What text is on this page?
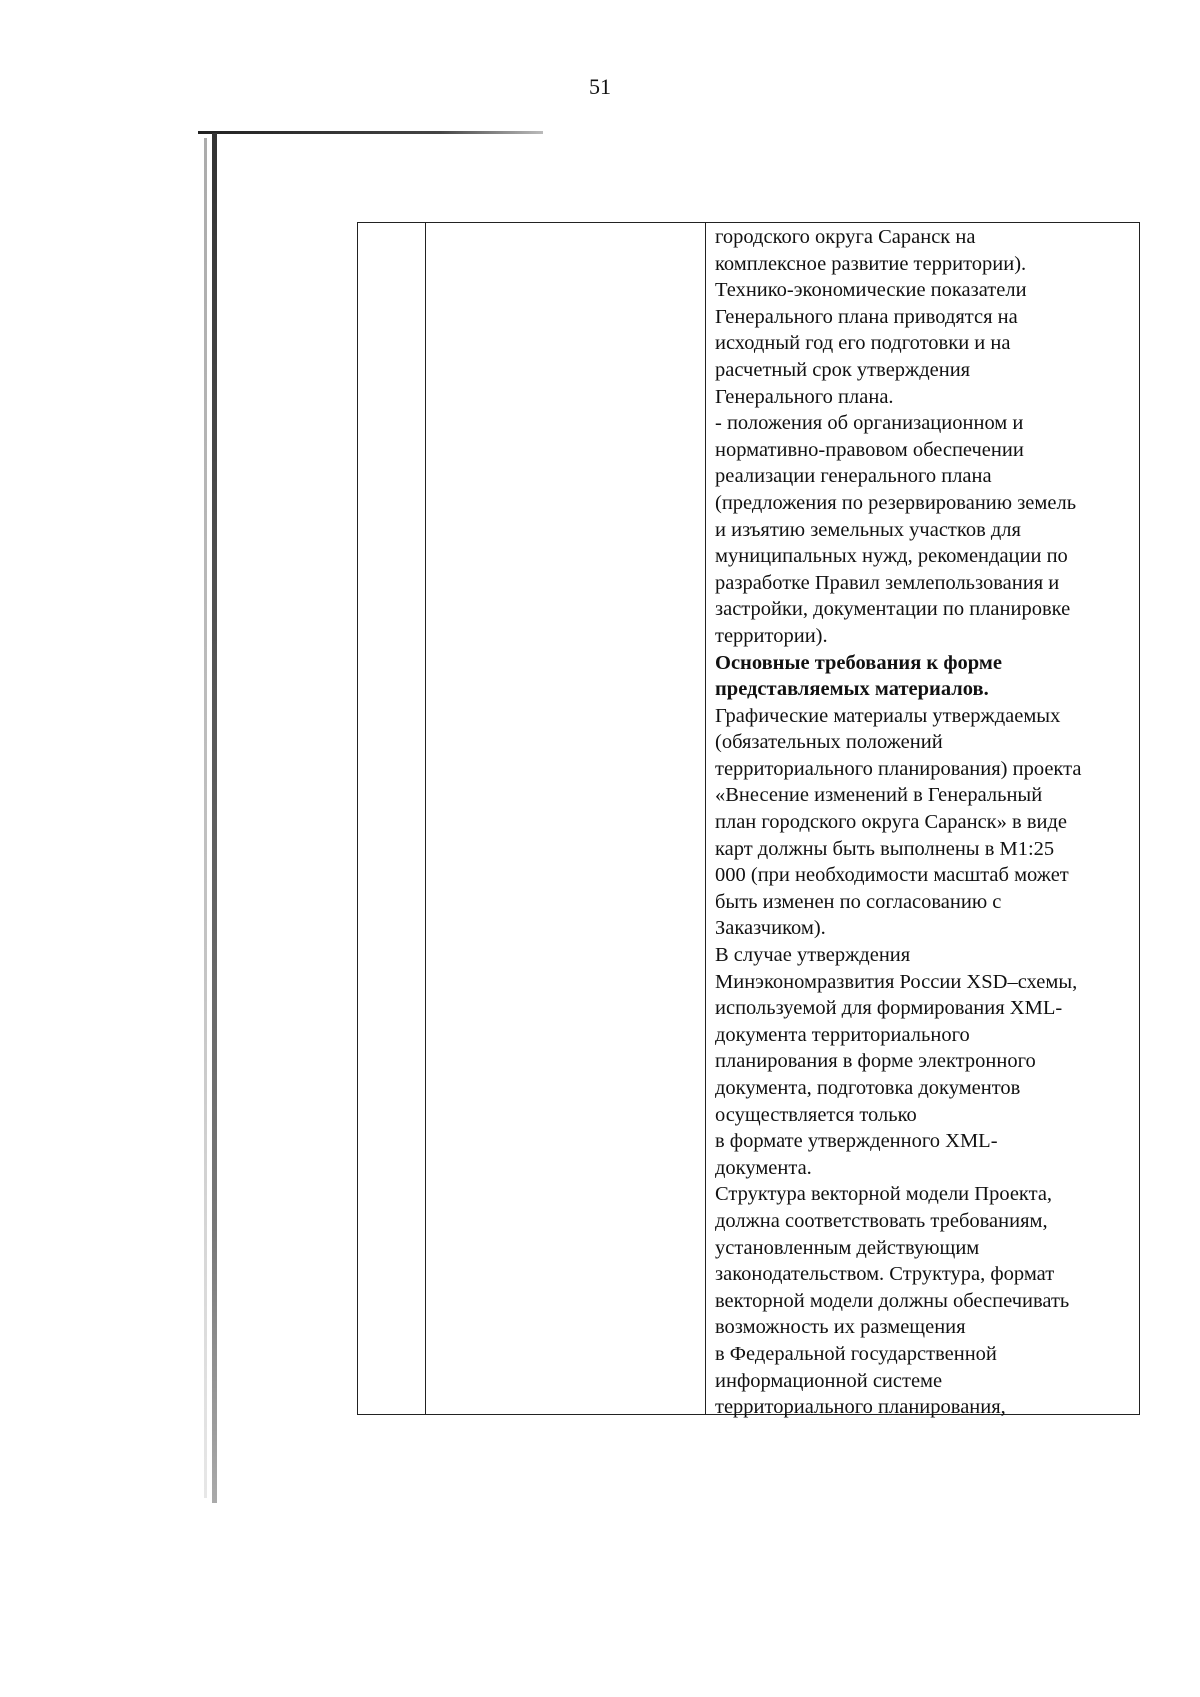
51

городского округа Саранск на

комплексное развитие территории).

Технико-экономические показатели

Генерального плана приводятся на

исходный год его подготовки и на

расчетный срок утверждения

Генерального плана.

- положения об организационном и

нормативно-правовом обеспечении

реализации генерального плана

(предложения по резервированию земель

и изъятию земельных участков для

муниципальных нужд, рекомендации по

разработке Правил землепользования и

застройки, документации по планировке

территории).

Основные требования к форме

представляемых материалов.

Графические материалы утверждаемых

(обязательных положений

территориального планирования) проекта

«Внесение изменений в Генеральный

план городского округа Саранск» в виде

карт должны быть выполнены в М1:25

000 (при необходимости масштаб может

быть изменен по согласованию с

Заказчиком).

В случае утверждения

Минэкономразвития России XSD–схемы,

используемой для формирования XML-

документа территориального

планирования в форме электронного

документа, подготовка документов

осуществляется только

в формате утвержденного XML-

документа.

Структура векторной модели Проекта,

должна соответствовать требованиям,

установленным действующим

законодательством. Структура, формат

векторной модели должны обеспечивать

возможность их размещения

в Федеральной государственной

информационной системе

территориального планирования,
